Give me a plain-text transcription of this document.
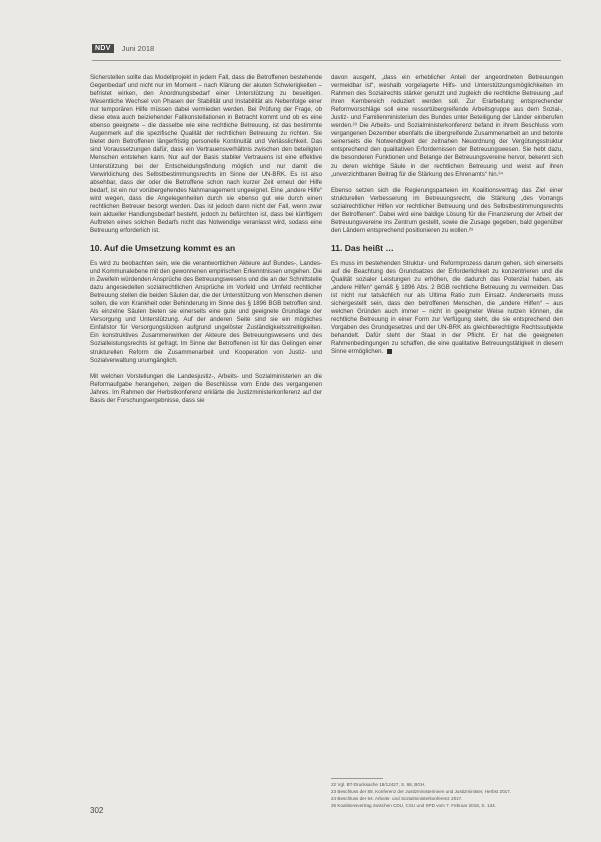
NDV	Juni 2018

Sicherstellen sollte das Modellprojekt in jedem Fall, dass die Betroffenen bestehende Gegenbedarf und nicht nur im Moment – nach Klärung der akuten Schwierigkeiten – befristet wirken, den Anordnungsbedarf einer Unterstützung zu beseitigen. Wesentliche Wechsel von Phasen der Stabilität und Instabilität als Nebenfolge einer nur temporären Hilfe müssen dabei vermieden werden. Bei Prüfung der Frage, ob diese etwa auch beiziehender Fallkonstellationen in Betracht kommt und ob es eine ebenso geeignete – die dasselbe wie eine rechtliche Betreuung, ist das bestimmte Augenmerk auf die spezifische Qualität der rechtlichen Betreuung zu richten. Sie bietet dem Betroffenen längerfristig personelle Kontinuität und Verlässlichkeit. Das sind Voraussetzungen dafür, dass ein Vertrauensverhältnis zwischen den beteiligten Menschen entstehen kann. Nur auf der Basis stabiler Vertrauens ist eine effektive Unterstützung bei der Entscheidungsfindung möglich und nur damit die Verwirklichung des Selbstbestimmungsrechts im Sinne der UN-BRK. Es ist also absehbar, dass der oder die Betroffene schon nach kurzer Zeit erneut der Hilfe bedarf, ist ein nur vorübergehendes Nahmanagement ungeeignet. Eine „andere Hilfe“ wird wegen, dass die Angelegenheiten durch sie ebenso gut wie durch einen rechtlichen Betreuer besorgt werden. Das ist jedoch dann nicht der Fall, wenn zwar kein aktueller Handlungsbedarf besteht, jedoch zu befürchten ist, dass bei künftigem Auftreten eines solchen Bedarfs nicht das Notwendige veranlasst wird, sodass eine Betreuung erforderlich ist.

10. Auf die Umsetzung kommt es an

Es wird zu beobachten sein, wie die verantwortlichen Akteure auf Bundes-, Landes- und Kommunalebene mit den gewonnenen empirischen Erkenntnissen umgehen. Die in Zweifeln würdenden Ansprüche des Betreuungswesens und die an der Schnittstelle dazu angesiedelten sozialrechtlichen Ansprüche im Vorfeld und Umfeld rechtlicher Betreuung stellen die beiden Säulen dar, die der Unterstützung von Menschen dienen sollen, die von Krankheit oder Behinderung im Sinne des § 1896 BGB betroffen sind. Als einzelne Säulen bieten sie einerseits eine gute und geeignete Grundlage der Versorgung und Unterstützung. Auf der anderen Seite sind sie ein mögliches Einfallstor für Versorgungslücken aufgrund ungelöster Zuständigkeitsstreitigkeiten. Ein konstruktives Zusammenwirken der Akteure des Betreuungswesens und des Sozialleistungsrechts ist gefragt. Im Sinne der Betroffenen ist für das Gelingen einer strukturellen Reform die Zusammenarbeit und Kooperation von Justiz- und Sozialverwaltung unumgänglich.

Mit welchen Vorstellungen die Landesjustiz-, Arbeits- und Sozialministerien an die Reformaufgabe herangehen, zeigen die Beschlüsse vom Ende des vergangenen Jahres. Im Rahmen der Herbstkonferenz erklärte die Justizministerkonferenz auf der Basis der Forschungsergebnisse, dass sie

davon ausgeht, „dass ein erheblicher Anteil der angeordneten Betreuungen vermeidbar ist“, weshalb vorgelagerte Hilfs- und Unterstützungsmöglichkeiten im Rahmen des Sozialrechts stärker genutzt und zugleich die rechtliche Betreuung „auf ihren Kernbereich reduziert werden soll. Zur Erarbeitung entsprechender Reformvorschläge soll eine ressortübergreifende Arbeitsgruppe aus dem Sozial-, Justiz- und Familienministerium des Bundes unter Beteiligung der Länder einberufen werden.²³ Die Arbeits- und Sozialministerkonferenz befand in ihrem Beschluss vom vergangenen Dezember ebenfalls die übergreifende Zusammenarbeit an und betonte seinerseits die Notwendigkeit der zeitnahen Neuordnung der Vergütungsstruktur entsprechend den qualitativen Erfordernissen der Betreuungswesen. Sie hebt dazu, die besonderen Funktionen und Belange der Betreuungsvereine hervor, bekennt sich zu deren wichtige Säule in der rechtlichen Betreuung und weist auf ihren „unverzichtbaren Beitrag für die Stärkung des Ehrenamts“ hin.²⁴

Ebenso setzen sich die Regierungsparteien im Koalitionsvertrag das Ziel einer strukturellen Verbesserung im Betreuungsrecht, die Stärkung „des Vorrangs sozialrechtlicher Hilfen vor rechtlicher Betreuung und des Selbstbestimmungsrechts der Betroffenen“. Dabei wird eine baldige Lösung für die Finanzierung der Arbeit der Betreuungsvereine ins Zentrum gestellt, sowie die Zusage gegeben, bald gegenüber den Ländern entsprechend positionieren zu wollen.²⁵

11. Das heißt …

Es muss im bestehenden Struktur- und Reformprozess darum gehen, sich einerseits auf die Beachtung des Grundsatzes der Erforderlichkeit zu konzentrieren und die Qualität sozialer Leistungen zu erhöhen, die dadurch das Potenzial haben, als „andere Hilfen“ gemäß § 1896 Abs. 2 BGB rechtliche Betreuung zu vermeiden. Das ist nicht nur tatsächlich nur als Ultima Ratio zum Einsatz. Andererseits muss sichergestellt sein, dass den betroffenen Menschen, die „andere Hilfen“ – aus welchen Gründen auch immer – nicht in geeigneter Weise nutzen können, die rechtliche Betreuung in einer Form zur Verfügung steht, die sie entsprechend den Vorgaben des Grundgesetzes und der UN-BRK als gleichberechtigte Rechtssubjekte behandelt. Dafür steht der Staat in der Pflicht. Er hat die geeigneten Rahmenbedingungen zu schaffen, die eine qualitative Betreuungstätigkeit in diesem Sinne ermöglichen.

22 Vgl. BT-Drucksache 18/12427, S. 68, BGH.
23 Beschluss der 88. Konferenz der Justizministerinnen und Justizminister, Herbst 2017.
24 Beschluss der 94. Arbeits- und Sozialministerkonferenz 2017.
25 Koalitionsvertrag zwischen CDU, CSU und SPD vom 7. Februar 2018, S. 134.
302
